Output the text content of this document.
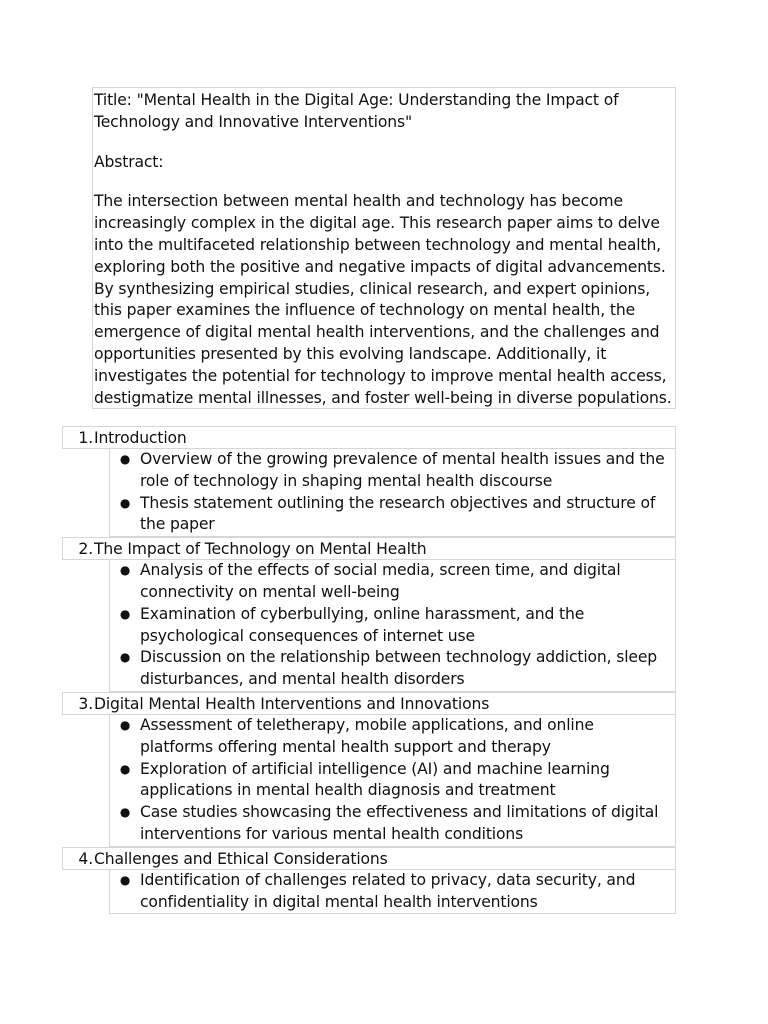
Title: "Mental Health in the Digital Age: Understanding the Impact of Technology and Innovative Interventions"

Abstract:

The intersection between mental health and technology has become increasingly complex in the digital age. This research paper aims to delve into the multifaceted relationship between technology and mental health, exploring both the positive and negative impacts of digital advancements. By synthesizing empirical studies, clinical research, and expert opinions, this paper examines the influence of technology on mental health, the emergence of digital mental health interventions, and the challenges and opportunities presented by this evolving landscape. Additionally, it investigates the potential for technology to improve mental health access, destigmatize mental illnesses, and foster well-being in diverse populations.

1. Introduction
● Overview of the growing prevalence of mental health issues and the role of technology in shaping mental health discourse
● Thesis statement outlining the research objectives and structure of the paper
2. The Impact of Technology on Mental Health
● Analysis of the effects of social media, screen time, and digital connectivity on mental well-being
● Examination of cyberbullying, online harassment, and the psychological consequences of internet use
● Discussion on the relationship between technology addiction, sleep disturbances, and mental health disorders
3. Digital Mental Health Interventions and Innovations
● Assessment of teletherapy, mobile applications, and online platforms offering mental health support and therapy
● Exploration of artificial intelligence (AI) and machine learning applications in mental health diagnosis and treatment
● Case studies showcasing the effectiveness and limitations of digital interventions for various mental health conditions
4. Challenges and Ethical Considerations
● Identification of challenges related to privacy, data security, and confidentiality in digital mental health interventions
